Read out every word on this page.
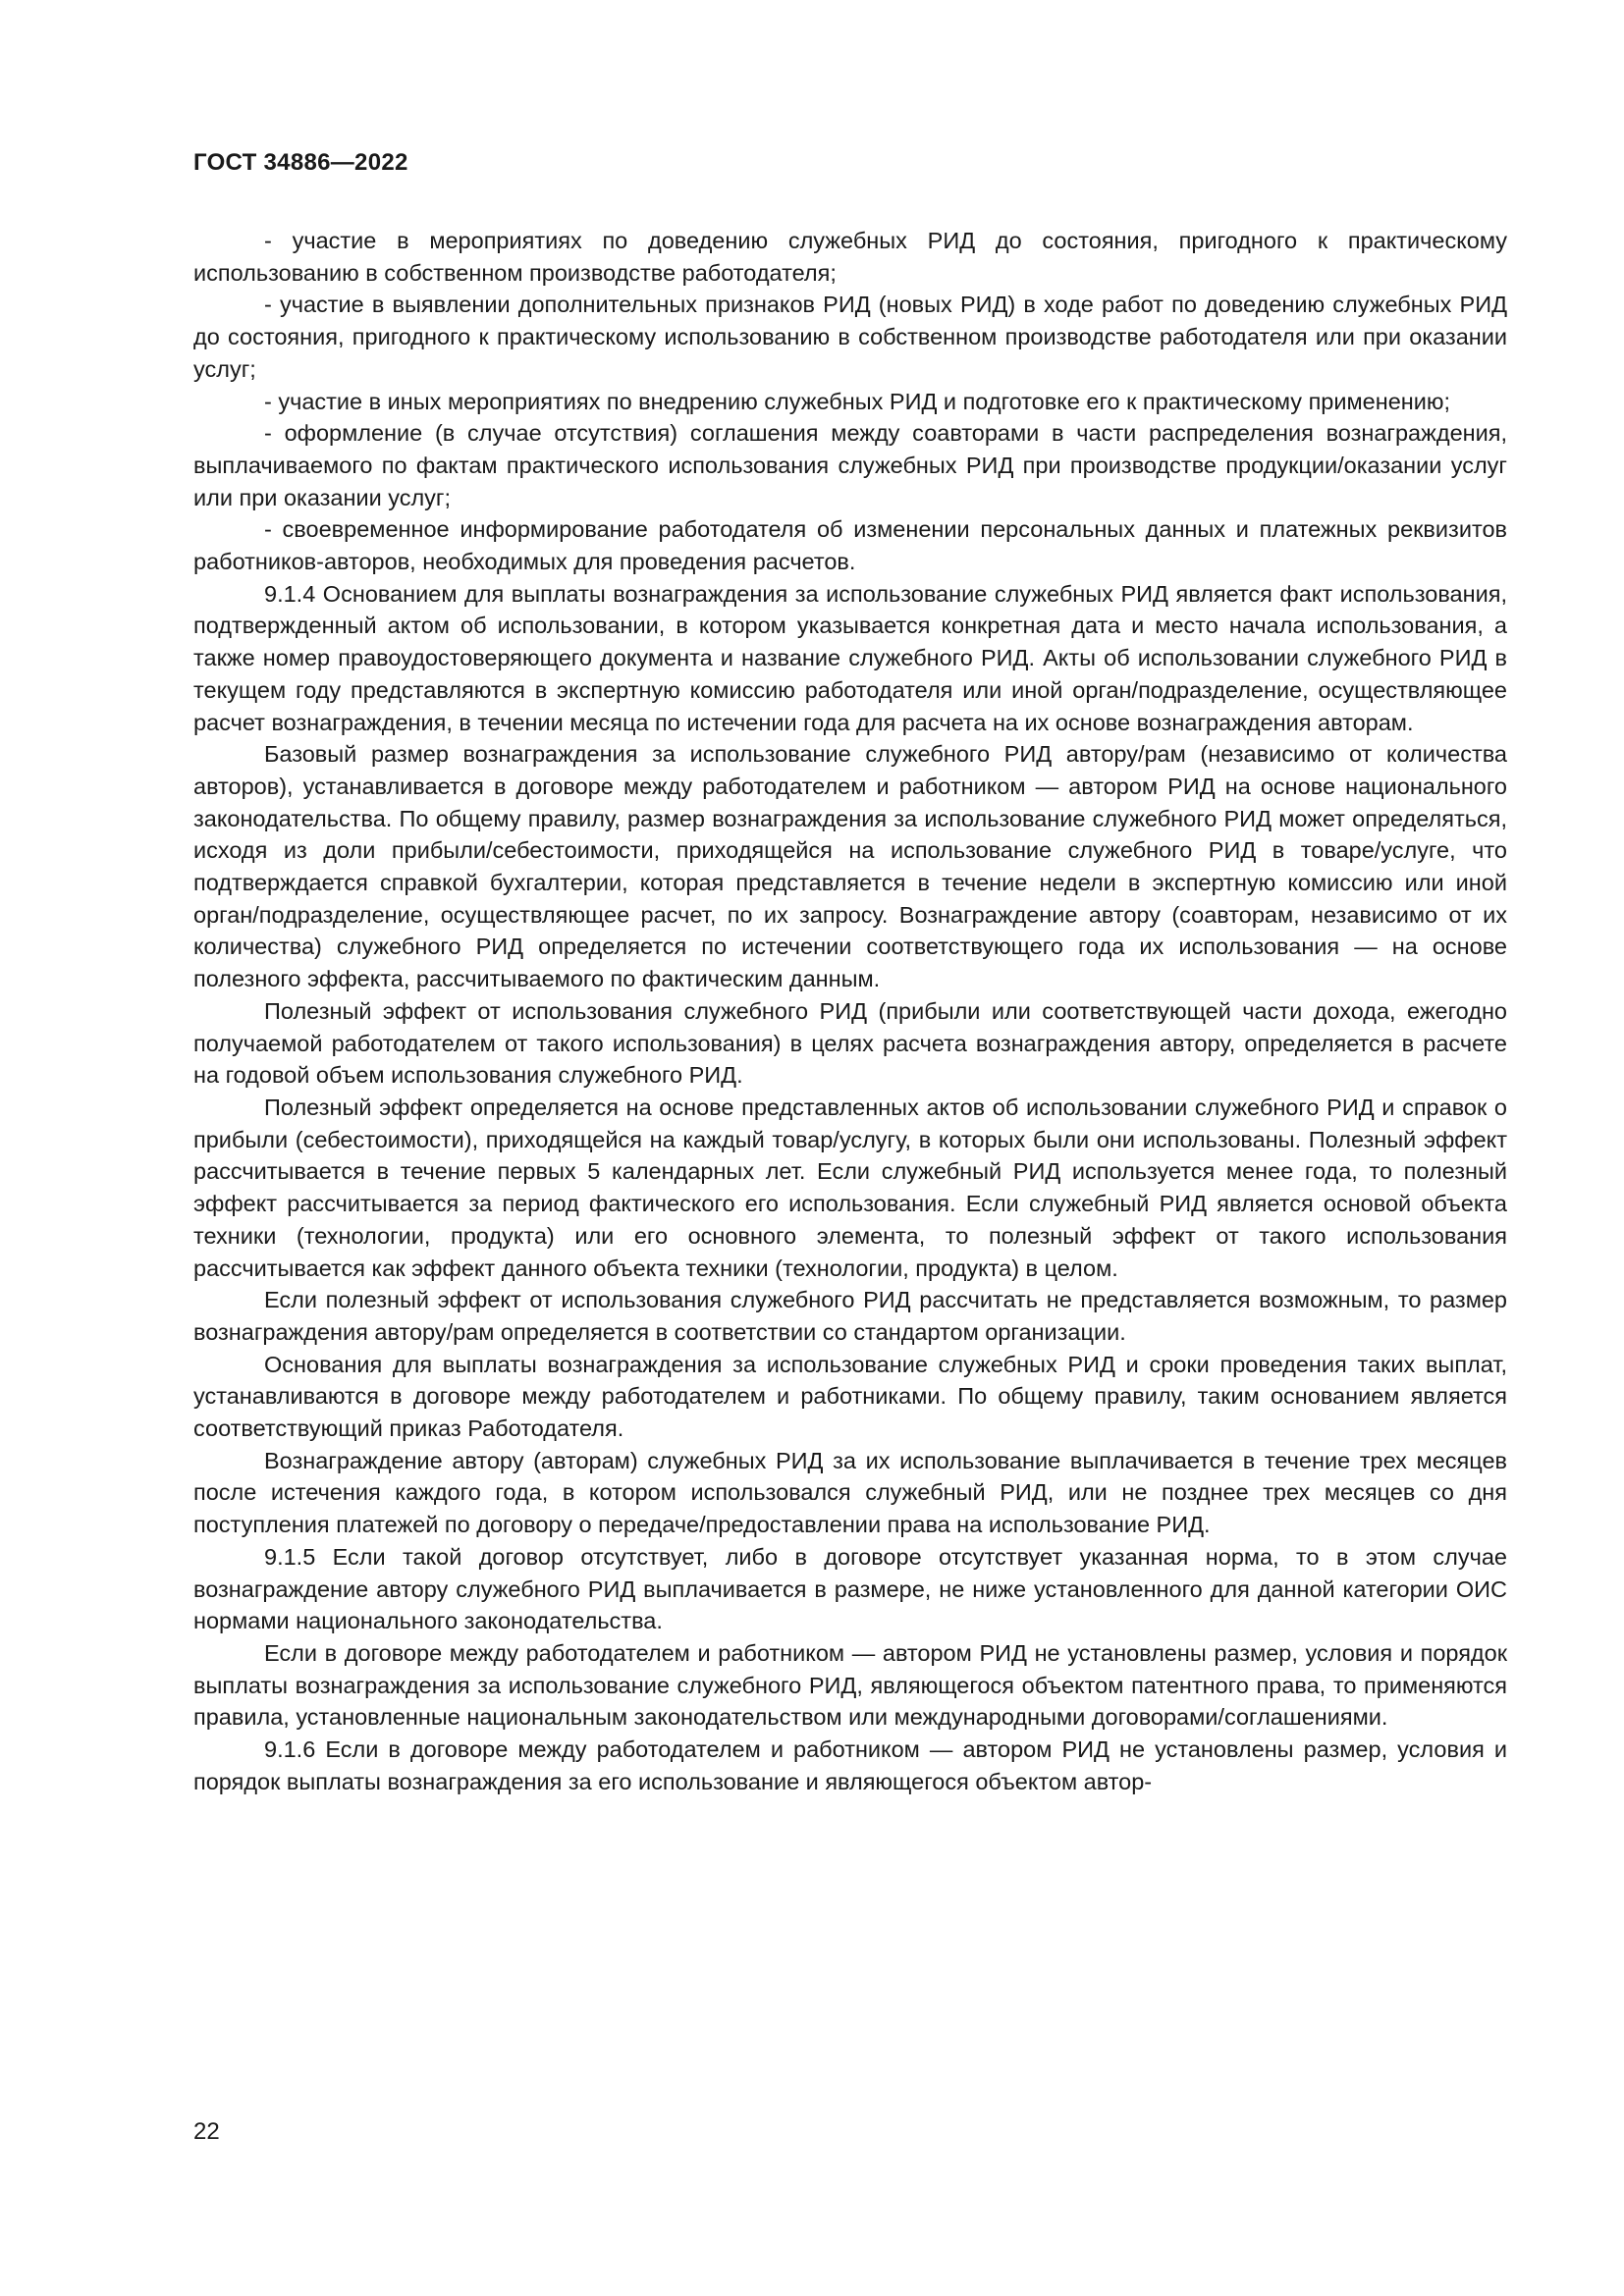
ГОСТ 34886—2022

- участие в мероприятиях по доведению служебных РИД до состояния, пригодного к практическому использованию в собственном производстве работодателя;

- участие в выявлении дополнительных признаков РИД (новых РИД) в ходе работ по доведению служебных РИД до состояния, пригодного к практическому использованию в собственном производстве работодателя или при оказании услуг;

- участие в иных мероприятиях по внедрению служебных РИД и подготовке его к практическому применению;

- оформление (в случае отсутствия) соглашения между соавторами в части распределения вознаграждения, выплачиваемого по фактам практического использования служебных РИД при производстве продукции/оказании услуг или при оказании услуг;

- своевременное информирование работодателя об изменении персональных данных и платежных реквизитов работников-авторов, необходимых для проведения расчетов.

9.1.4 Основанием для выплаты вознаграждения за использование служебных РИД является факт использования, подтвержденный актом об использовании, в котором указывается конкретная дата и место начала использования, а также номер правоудостоверяющего документа и название служебного РИД. Акты об использовании служебного РИД в текущем году представляются в экспертную комиссию работодателя или иной орган/подразделение, осуществляющее расчет вознаграждения, в течении месяца по истечении года для расчета на их основе вознаграждения авторам.

Базовый размер вознаграждения за использование служебного РИД автору/рам (независимо от количества авторов), устанавливается в договоре между работодателем и работником — автором РИД на основе национального законодательства. По общему правилу, размер вознаграждения за использование служебного РИД может определяться, исходя из доли прибыли/себестоимости, приходящейся на использование служебного РИД в товаре/услуге, что подтверждается справкой бухгалтерии, которая представляется в течение недели в экспертную комиссию или иной орган/подразделение, осуществляющее расчет, по их запросу. Вознаграждение автору (соавторам, независимо от их количества) служебного РИД определяется по истечении соответствующего года их использования — на основе полезного эффекта, рассчитываемого по фактическим данным.

Полезный эффект от использования служебного РИД (прибыли или соответствующей части дохода, ежегодно получаемой работодателем от такого использования) в целях расчета вознаграждения автору, определяется в расчете на годовой объем использования служебного РИД.

Полезный эффект определяется на основе представленных актов об использовании служебного РИД и справок о прибыли (себестоимости), приходящейся на каждый товар/услугу, в которых были они использованы. Полезный эффект рассчитывается в течение первых 5 календарных лет. Если служебный РИД используется менее года, то полезный эффект рассчитывается за период фактического его использования. Если служебный РИД является основой объекта техники (технологии, продукта) или его основного элемента, то полезный эффект от такого использования рассчитывается как эффект данного объекта техники (технологии, продукта) в целом.

Если полезный эффект от использования служебного РИД рассчитать не представляется возможным, то размер вознаграждения автору/рам определяется в соответствии со стандартом организации.

Основания для выплаты вознаграждения за использование служебных РИД и сроки проведения таких выплат, устанавливаются в договоре между работодателем и работниками. По общему правилу, таким основанием является соответствующий приказ Работодателя.

Вознаграждение автору (авторам) служебных РИД за их использование выплачивается в течение трех месяцев после истечения каждого года, в котором использовался служебный РИД, или не позднее трех месяцев со дня поступления платежей по договору о передаче/предоставлении права на использование РИД.

9.1.5 Если такой договор отсутствует, либо в договоре отсутствует указанная норма, то в этом случае вознаграждение автору служебного РИД выплачивается в размере, не ниже установленного для данной категории ОИС нормами национального законодательства.

Если в договоре между работодателем и работником — автором РИД не установлены размер, условия и порядок выплаты вознаграждения за использование служебного РИД, являющегося объектом патентного права, то применяются правила, установленные национальным законодательством или международными договорами/соглашениями.

9.1.6 Если в договоре между работодателем и работником — автором РИД не установлены размер, условия и порядок выплаты вознаграждения за его использование и являющегося объектом автор-

22
